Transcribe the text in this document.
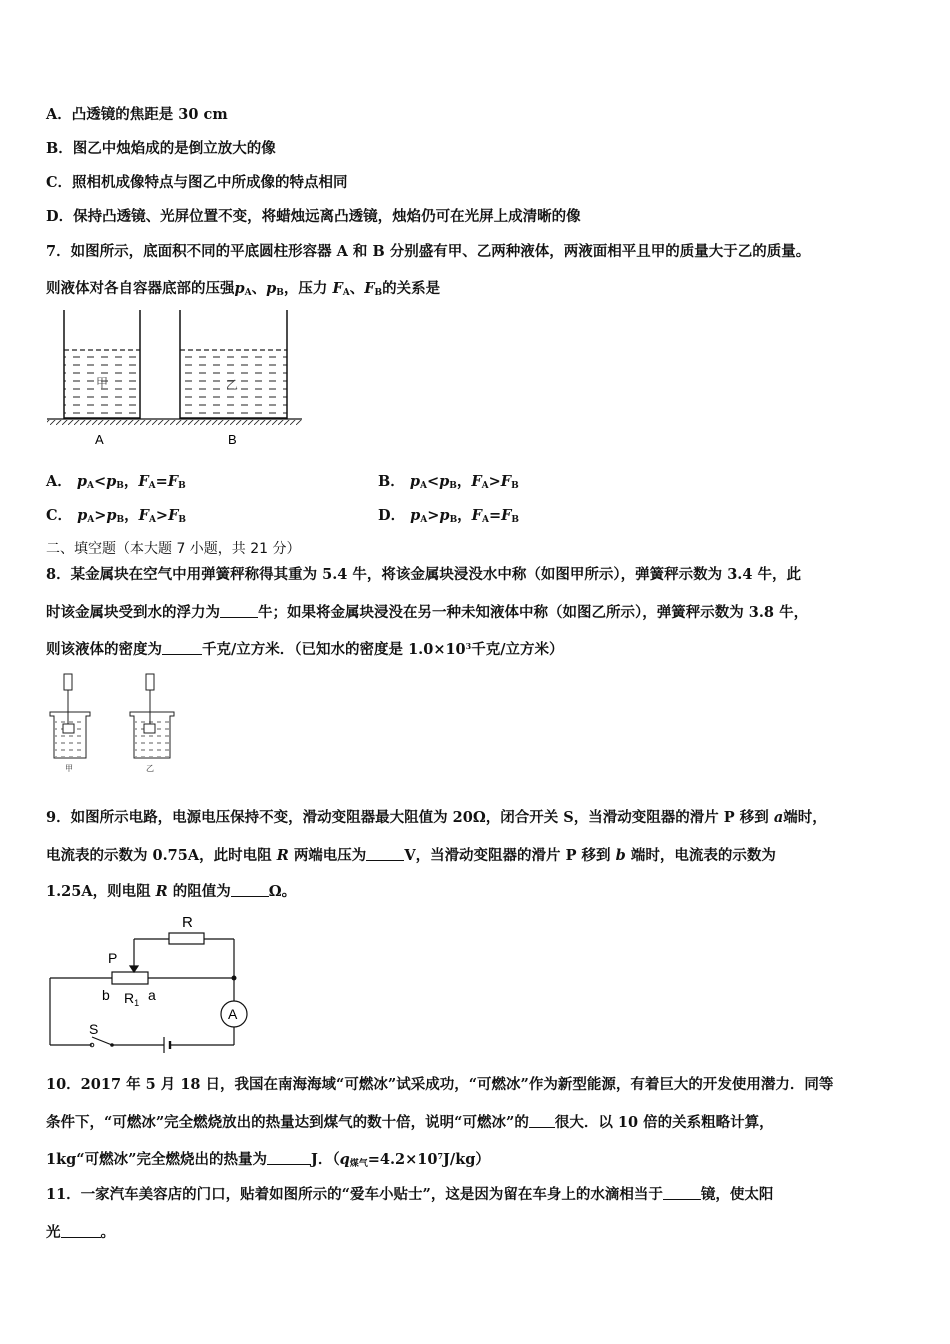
A．凸透镜的焦距是 30 cm
B．图乙中烛焰成的是倒立放大的像
C．照相机成像特点与图乙中所成像的特点相同
D．保持凸透镜、光屏位置不变，将蜡烛远离凸透镜，烛焰仍可在光屏上成清晰的像
7．如图所示，底面积不同的平底圆柱形容器 A 和 B 分别盛有甲、乙两种液体，两液面相平且甲的质量大于乙的质量。
则液体对各自容器底部的压强$p_A$、$p_B$，压力 $F_A$、$F_B$的关系是
甲	乙
A	B
A． $p_A<p_B$，$F_A=F_B$	B． $p_A<p_B$，$F_A>F_B$
C． $p_A>p_B$，$F_A>F_B$	D． $p_A>p_B$，$F_A=F_B$
二、填空题（本大题 7 小题，共 21 分）
8．某金属块在空气中用弹簧秤称得其重为 5.4 牛，将该金属块浸没水中称（如图甲所示），弹簧秤示数为 3.4 牛，此
时该金属块受到水的浮力为	牛；如果将金属块浸没在另一种未知液体中称（如图乙所示），弹簧秤示数为 3.8 牛，
则该液体的密度为	千克/立方米．（已知水的密度是 $1.0\times 10^3$千克/立方米）
甲	乙
9．如图所示电路，电源电压保持不变，滑动变阻器最大阻值为 20Ω，闭合开关 S，当滑动变阻器的滑片 P 移到 a端时，
电流表的示数为 0.75A，此时电阻 R 两端电压为	V，当滑动变阻器的滑片 P 移到 b 端时，电流表的示数为
1.25A，则电阻 R 的阻值为	Ω。
R
P
b $R_1$ a
A
S
10．2017 年 5 月 18 日，我国在南海海域“可燃冰”试采成功，“可燃冰”作为新型能源，有着巨大的开发使用潜力．同等
条件下，“可燃冰”完全燃烧放出的热量达到煤气的数十倍，说明“可燃冰”的 很大．以 10 倍的关系粗略计算，
1kg“可燃冰”完全燃烧出的热量为	J．$(q_{煤气}=4.2\times 10^7J/kg)$
11．一家汽车美容店的门口，贴着如图所示的“爱车小贴士”，这是因为留在车身上的水滴相当于	镜，使太阳
光	。
